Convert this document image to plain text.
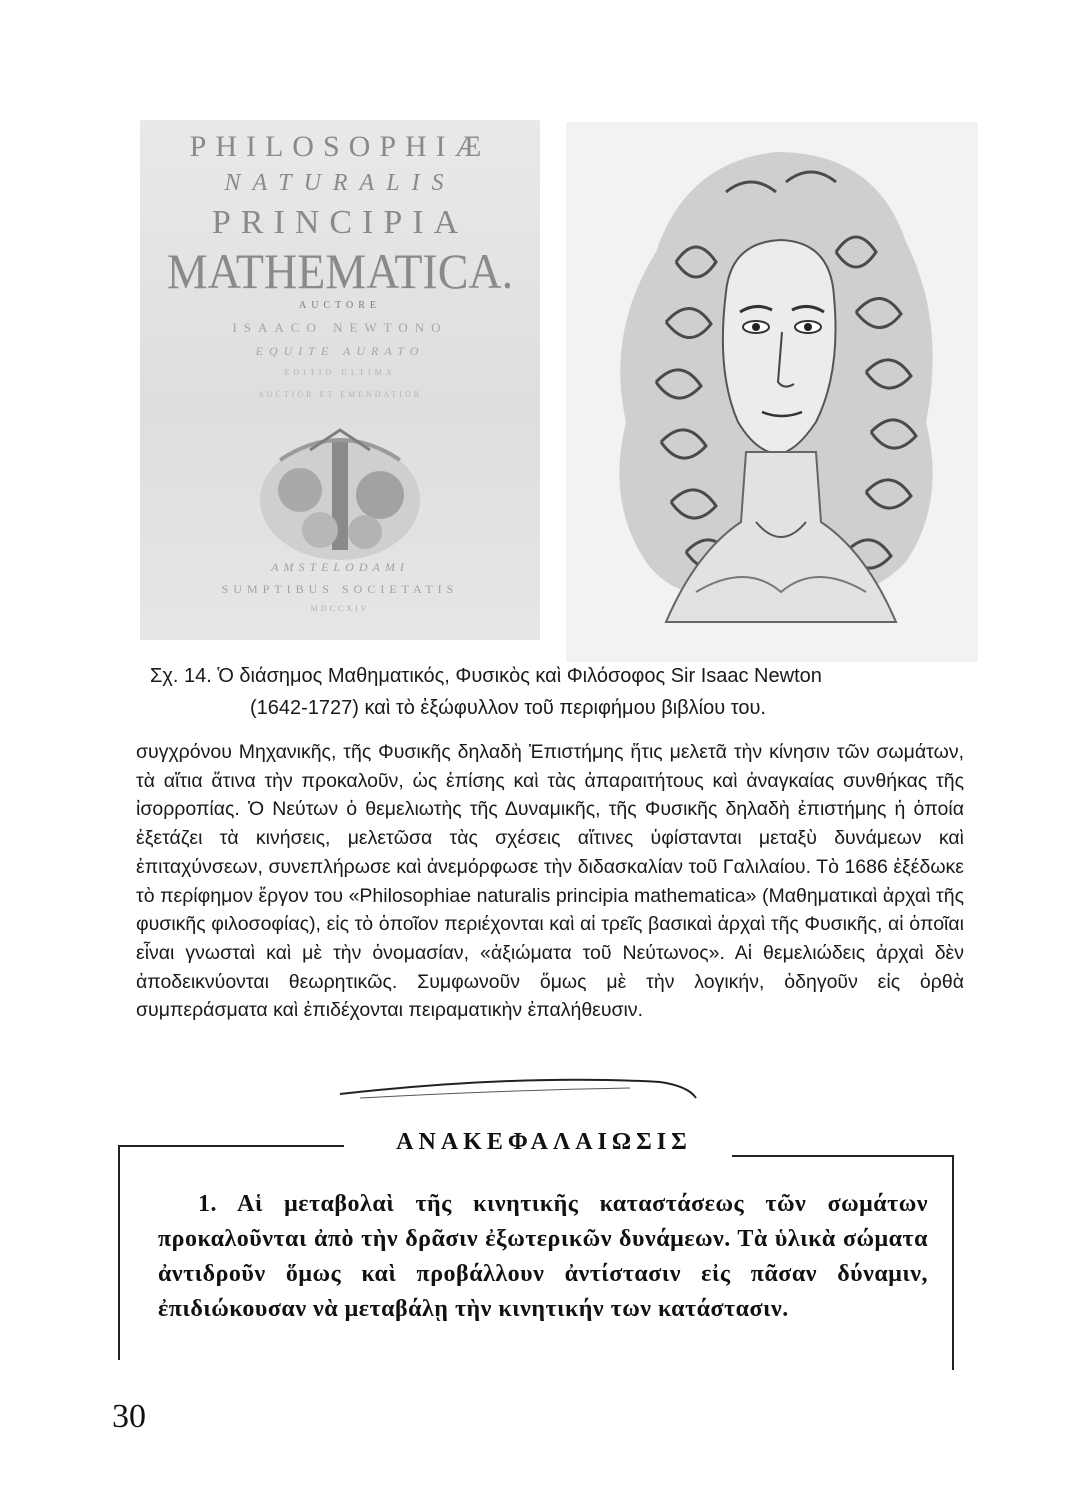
PHILOSOPHIÆ
NATURALIS
PRINCIPIA
MATHEMATICA.
AUCTORE
ISAACO NEWTONO
EQUITE AURATO
EDITIO ULTIMA
AUCTIOR ET EMENDATIOR
AMSTELODAMI
SUMPTIBUS SOCIETATIS
MDCCXIV
Σχ. 14. Ὁ διάσημος Μαθηματικός, Φυσικὸς καὶ Φιλόσοφος Sir Isaac Newton
(1642-1727) καὶ τὸ ἐξώφυλλον τοῦ περιφήμου βιβλίου του.
συγχρόνου Μηχανικῆς, τῆς Φυσικῆς δηλαδὴ Ἐπιστήμης ἥτις μελετᾶ τὴν κίνησιν τῶν σωμάτων, τὰ αἴτια ἅτινα τὴν προκαλοῦν, ὡς ἐπίσης καὶ τὰς ἀπαραιτήτους καὶ ἀναγκαίας συνθήκας τῆς ἰσορροπίας. Ὁ Νεύτων ὁ θεμελιωτὴς τῆς Δυναμικῆς, τῆς Φυσικῆς δηλαδὴ ἐπιστήμης ἡ ὁποία ἐξετάζει τὰ κινήσεις, μελετῶσα τὰς σχέσεις αἵτινες ὑφίστανται μεταξὺ δυνάμεων καὶ ἐπιταχύνσεων, συνεπλήρωσε καὶ ἀνεμόρφωσε τὴν διδασκαλίαν τοῦ Γαλιλαίου. Τὸ 1686 ἐξέδωκε τὸ περίφημον ἔργον του «Philosophiae naturalis principia mathematica» (Μαθηματικαὶ ἀρχαὶ τῆς φυσικῆς φιλοσοφίας), εἰς τὸ ὁποῖον περιέχονται καὶ αἱ τρεῖς βασικαὶ ἀρχαὶ τῆς Φυσικῆς, αἱ ὁποῖαι εἶναι γνωσταὶ καὶ μὲ τὴν ὀνομασίαν, «ἀξιώματα τοῦ Νεύτωνος». Αἱ θεμελιώδεις ἀρχαὶ δὲν ἀποδεικνύονται θεωρητικῶς. Συμφωνοῦν ὅμως μὲ τὴν λογικήν, ὁδηγοῦν εἰς ὀρθὰ συμπεράσματα καὶ ἐπιδέχονται πειραματικὴν ἐπαλήθευσιν.
ΑΝΑΚΕΦΑΛΑΙΩΣΙΣ
1. Αἱ μεταβολαὶ τῆς κινητικῆς καταστάσεως τῶν σωμάτων προκαλοῦνται ἀπὸ τὴν δρᾶσιν ἐξωτερικῶν δυνάμεων. Τὰ ὑλικὰ σώματα ἀντιδροῦν ὅμως καὶ προβάλλουν ἀντίστασιν εἰς πᾶσαν δύναμιν, ἐπιδιώκουσαν νὰ μεταβάλῃ τὴν κινητικήν των κατάστασιν.
30
